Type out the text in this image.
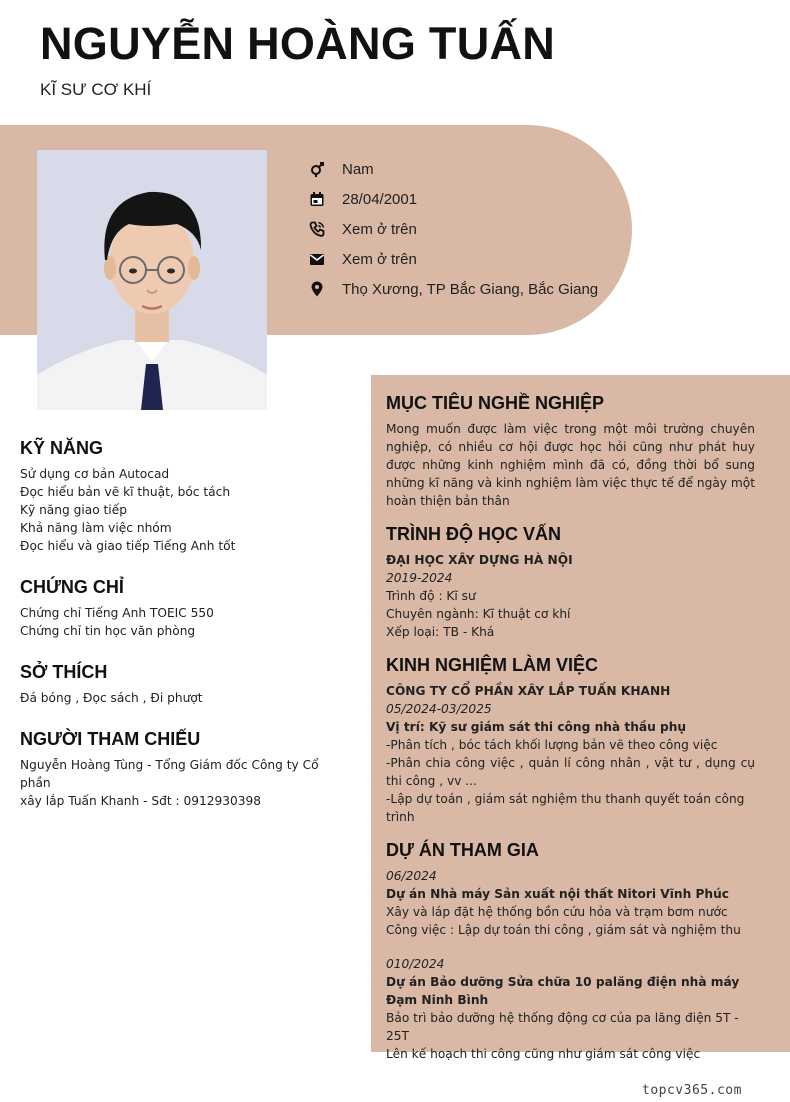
NGUYỄN HOÀNG TUẤN
KĨ SƯ CƠ KHÍ
Nam
28/04/2001
Xem ở trên
Xem ở trên
Thọ Xương, TP Bắc Giang, Bắc Giang
KỸ NĂNG
Sử dụng cơ bản Autocad
Đọc hiểu bản vẽ kĩ thuật, bóc tách
Kỹ năng giao tiếp
Khả năng làm việc nhóm
Đọc hiểu và giao tiếp Tiếng Anh tốt
CHỨNG CHỈ
Chứng chỉ Tiếng Anh TOEIC 550
Chứng chỉ tin học văn phòng
SỞ THÍCH
Đá bóng , Đọc sách , Đi phượt
NGƯỜI THAM CHIẾU
Nguyễn Hoàng Tùng - Tổng Giám đốc Công ty Cổ phần
xây lắp Tuấn Khanh - Sđt : 0912930398
MỤC TIÊU NGHỀ NGHIỆP
Mong muốn được làm việc trong một môi trường chuyên nghiệp, có nhiều cơ hội được học hỏi cũng như phát huy được những kinh nghiệm mình đã có, đồng thời bổ sung những kĩ năng và kinh nghiệm làm việc thực tế để ngày một hoàn thiện bản thân
TRÌNH ĐỘ HỌC VẤN
ĐẠI HỌC XÂY DỰNG HÀ NỘI
2019-2024
Trình độ : Kĩ sư
Chuyên ngành: Kĩ thuật cơ khí
Xếp loại: TB - Khá
KINH NGHIỆM LÀM VIỆC
CÔNG TY CỔ PHẦN XÂY LẮP TUẤN KHANH
05/2024-03/2025
Vị trí: Kỹ sư giám sát thi công nhà thầu phụ
-Phân tích , bóc tách khối lượng bản vẽ theo công việc
-Phân chia công việc , quản lí công nhân , vật tư , dụng cụ thi công , vv ...
-Lập dự toán , giám sát nghiệm thu thanh quyết toán công trình
DỰ ÁN THAM GIA
06/2024
Dự án Nhà máy Sản xuất nội thất Nitori Vĩnh Phúc
Xây và láp đặt hệ thống bồn cứu hỏa và trạm bơm nước
Công việc : Lập dự toán thi công , giám sát và nghiệm thu
010/2024
Dự án Bảo dưỡng Sửa chữa 10 palăng điện nhà máy Đạm Ninh Bình
Bảo trì bảo dưỡng hệ thống động cơ của pa lăng điện 5T - 25T
Lên kế hoạch thi công cũng như giám sát công việc
topcv365.com
